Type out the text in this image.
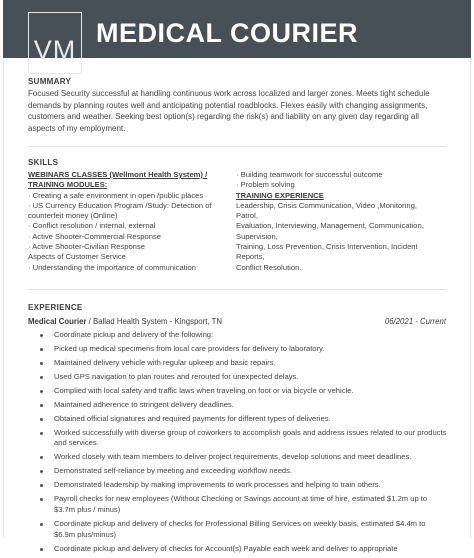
VM
MEDICAL COURIER
SUMMARY
Focused Security successful at handling continuous work across localized and larger zones. Meets tight schedule demands by planning routes well and anticipating potential roadblocks. Flexes easily with changing assignments, customers and weather. Seeking best option(s) regarding the risk(s) and liability on any given day regarding all aspects of my employment.
SKILLS
WEBINARS CLASSES (Wellmont Health System) /
TRAINING MODULES:
· Creating a safe environment in open /public places
· US Currency Education Program /Study: Detection of
counterfeit money (Online)
· Conflict resolution / internal, external
· Active Shooter-Commercial Response
· Active Shooter-Civilian Response
Aspects of Customer Service
· Understanding the importance of communication
· Building teamwork for successful outcome
· Problem solving
TRAINING EXPERIENCE
Leadership, Crisis Communication, Video ,Monitoring,
Patrol,
Evaluation, Interviewing, Management, Communication,
Supervision,
Training, Loss Prevention, Crisis Intervention, Incident
Reports,
Conflict Resolution.
EXPERIENCE
Medical Courier / Ballad Health System - Kingsport, TN	06/2021 - Current
Coordinate pickup and delivery of the following:
Picked up medical specimens from local care providers for delivery to laboratory.
Maintained delivery vehicle with regular upkeep and basic repairs.
Used GPS navigation to plan routes and rerouted for unexpected delays.
Complied with local safety and traffic laws when traveling on foot or via bicycle or vehicle.
Maintained adherence to stringent delivery deadlines.
Obtained official signatures and required payments for different types of deliveries.
Worked successfully with diverse group of coworkers to accomplish goals and address issues related to our products and services.
Worked closely with team members to deliver project requirements, develop solutions and meet deadlines.
Demonstrated self-reliance by meeting and exceeding workflow needs.
Demonstrated leadership by making improvements to work processes and helping to train others.
Payroll checks for new employees (Without Checking or Savings account at time of hire, estimated $1.2m up to $3.7m plus / minus)
Coordinate pickup and delivery of checks for Professional Billing Services on weekly basis, estimated $4.4m to $6.9m plus/minus)
Coordinate pickup and delivery of checks for Account(s) Payable each week and deliver to appropriate
